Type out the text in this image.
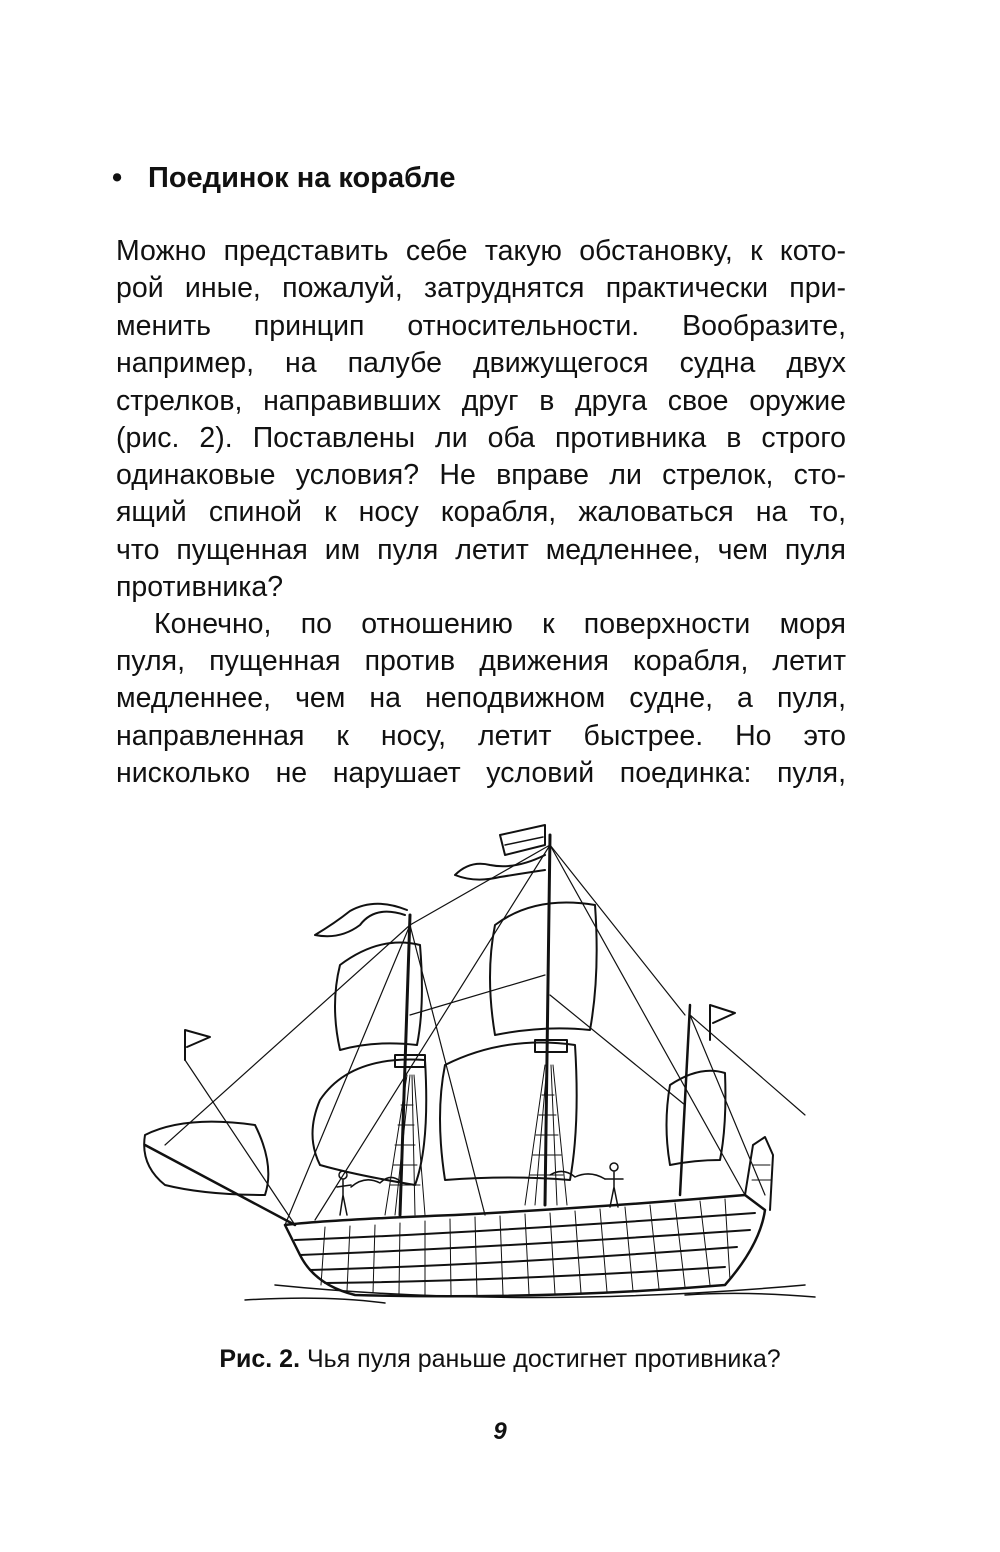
• Поединок на корабле
Можно представить себе такую обстановку, к кото-
рой иные, пожалуй, затруднятся практически при-
менить принцип относительности. Вообразите,
например, на палубе движущегося судна двух
стрелков, направивших друг в друга свое оружие
(рис. 2). Поставлены ли оба противника в строго
одинаковые условия? Не вправе ли стрелок, сто-
ящий спиной к носу корабля, жаловаться на то,
что пущенная им пуля летит медленнее, чем пуля
противника?
Конечно, по отношению к поверхности моря
пуля, пущенная против движения корабля, летит
медленнее, чем на неподвижном судне, а пуля,
направленная к носу, летит быстрее. Но это
нисколько не нарушает условий поединка: пуля,
Рис. 2. Чья пуля раньше достигнет противника?
9
